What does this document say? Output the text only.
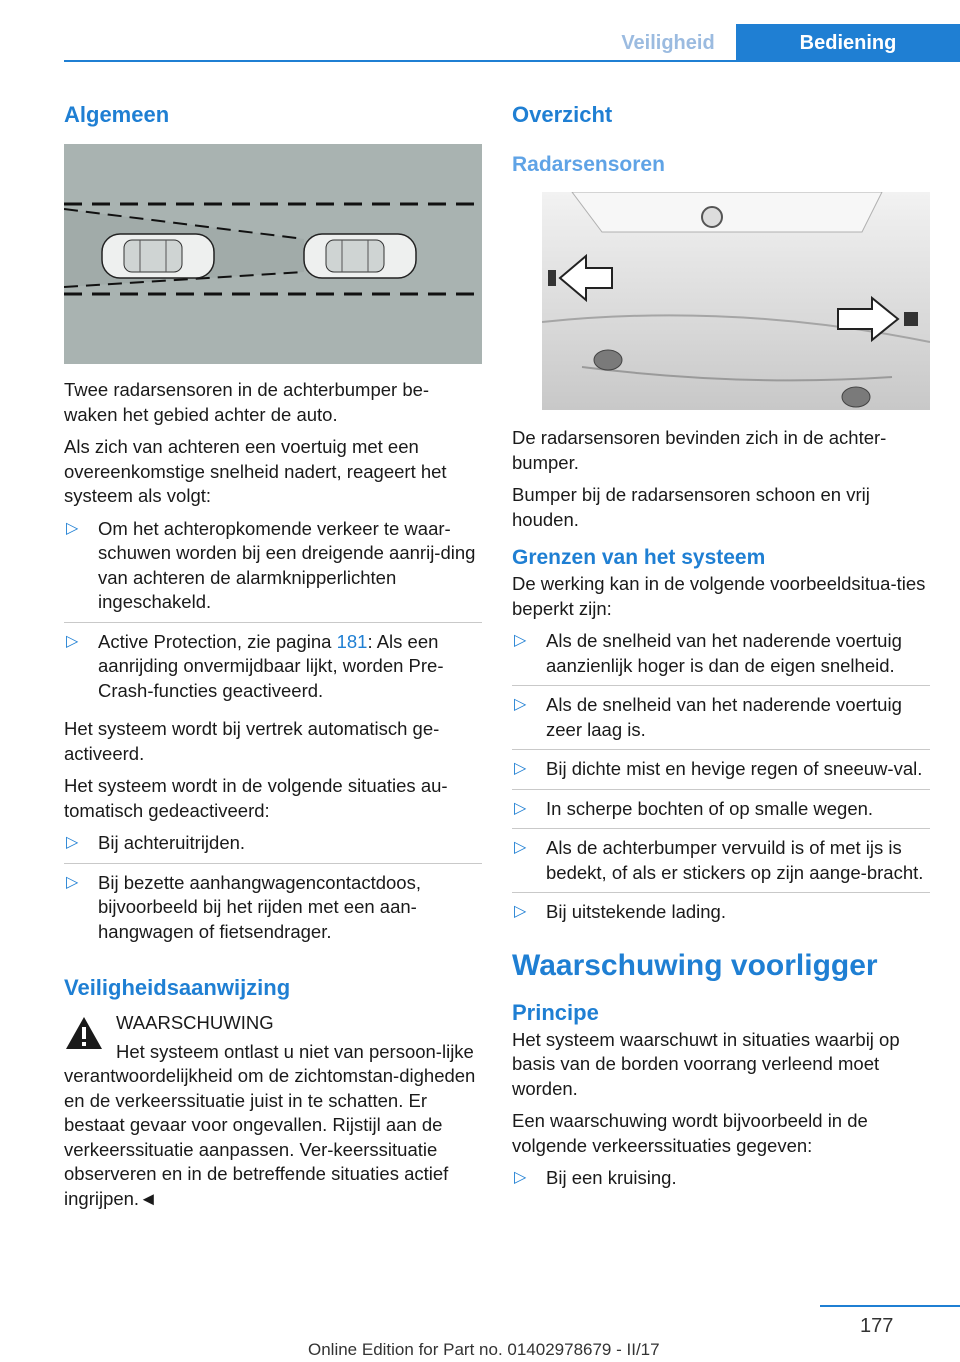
Veiligheid	Bediening
Algemeen

Twee radarsensoren in de achterbumper be-waken het gebied achter de auto.

Als zich van achteren een voertuig met een overeenkomstige snelheid nadert, reageert het systeem als volgt:

▷ Om het achteropkomende verkeer te waar-schuwen worden bij een dreigende aanrij-ding van achteren de alarmknipperlichten ingeschakeld.
▷ Active Protection, zie pagina 181: Als een aanrijding onvermijdbaar lijkt, worden Pre-Crash-functies geactiveerd.

Het systeem wordt bij vertrek automatisch ge-activeerd.

Het systeem wordt in de volgende situaties au-tomatisch gedeactiveerd:

▷ Bij achteruitrijden.
▷ Bij bezette aanhangwagencontactdoos, bijvoorbeeld bij het rijden met een aan-hangwagen of fietsendrager.
Veiligheidsaanwijzing
WAARSCHUWING
Het systeem ontlast u niet van persoon-lijke verantwoordelijkheid om de zichtomstan-digheden en de verkeerssituatie juist in te schatten. Er bestaat gevaar voor ongevallen. Rijstijl aan de verkeerssituatie aanpassen. Ver-keerssituatie observeren en in de betreffende situaties actief ingrijpen.◄
Overzicht
Radarsensoren

De radarsensoren bevinden zich in de achter-bumper.

Bumper bij de radarsensoren schoon en vrij houden.

Grenzen van het systeem

De werking kan in de volgende voorbeeldsitua-ties beperkt zijn:

▷ Als de snelheid van het naderende voertuig aanzienlijk hoger is dan de eigen snelheid.
▷ Als de snelheid van het naderende voertuig zeer laag is.
▷ Bij dichte mist en hevige regen of sneeuw-val.
▷ In scherpe bochten of op smalle wegen.
▷ Als de achterbumper vervuild is of met ijs is bedekt, of als er stickers op zijn aange-bracht.
▷ Bij uitstekende lading.
Waarschuwing voorligger
Principe

Het systeem waarschuwt in situaties waarbij op basis van de borden voorrang verleend moet worden.

Een waarschuwing wordt bijvoorbeeld in de volgende verkeerssituaties gegeven:

▷ Bij een kruising.
177
Online Edition for Part no. 01402978679 - II/17
